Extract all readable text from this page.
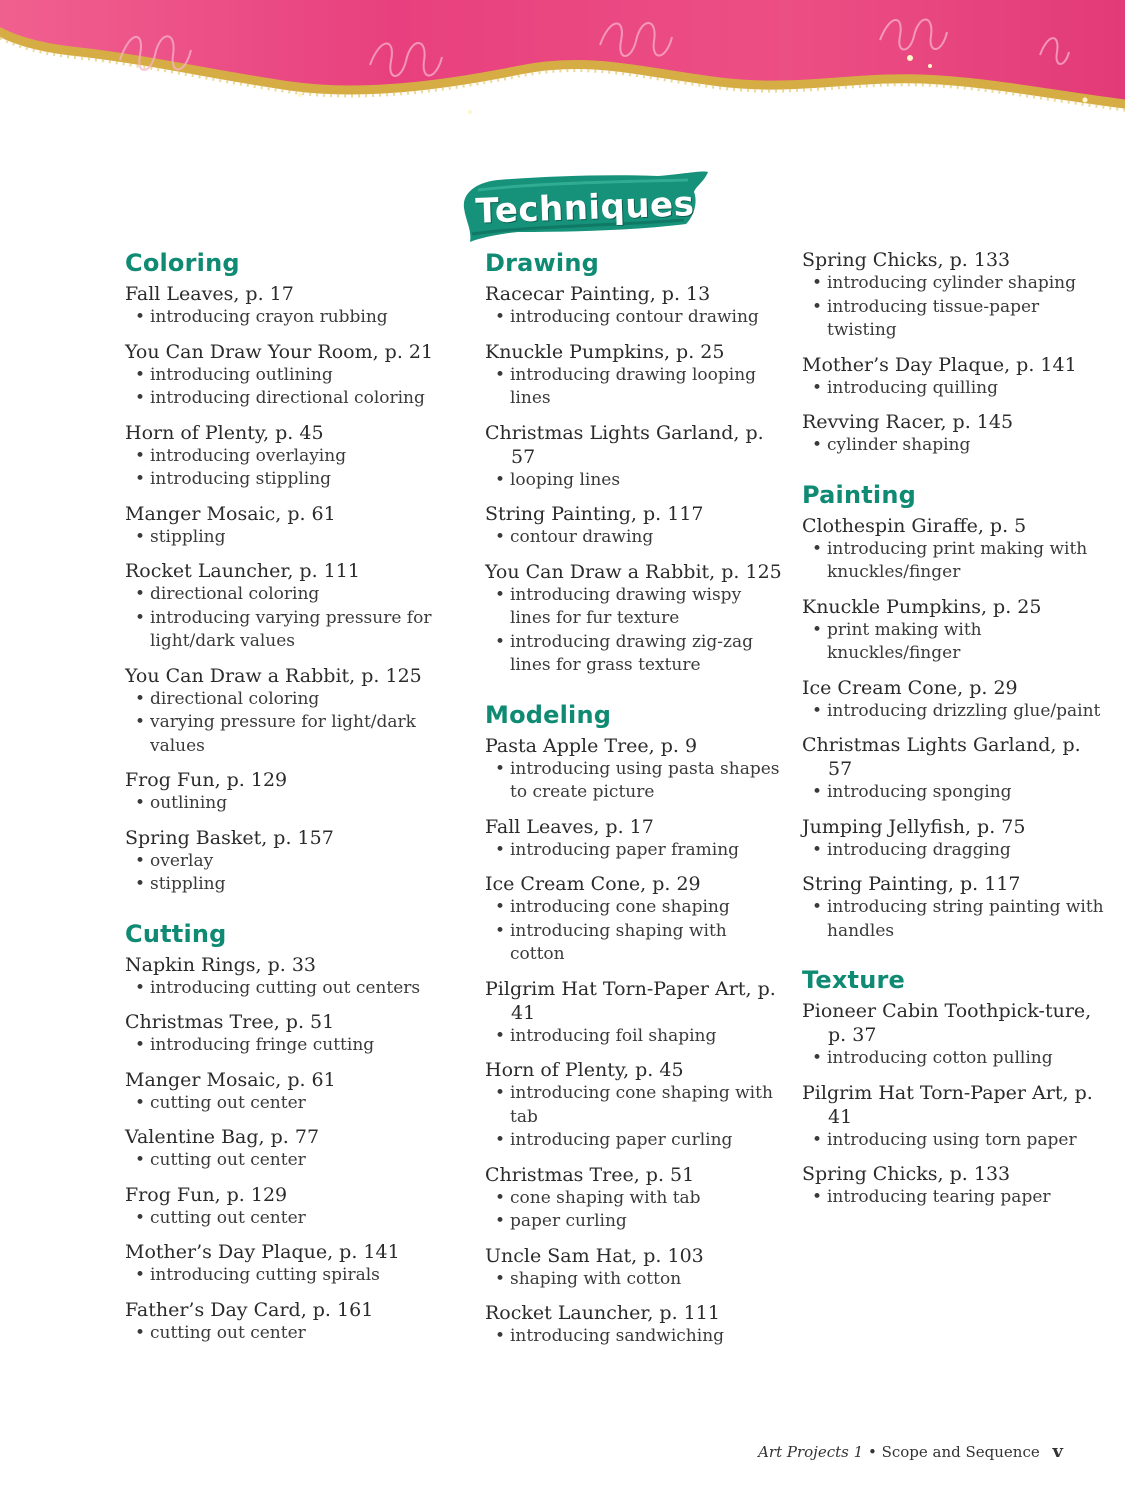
Techniques
Coloring
Fall Leaves, p. 17
• introducing crayon rubbing
You Can Draw Your Room, p. 21
• introducing outlining
• introducing directional coloring
Horn of Plenty, p. 45
• introducing overlaying
• introducing stippling
Manger Mosaic, p. 61
• stippling
Rocket Launcher, p. 111
• directional coloring
• introducing varying pressure for light/dark values
You Can Draw a Rabbit, p. 125
• directional coloring
• varying pressure for light/dark values
Frog Fun, p. 129
• outlining
Spring Basket, p. 157
• overlay
• stippling
Cutting
Napkin Rings, p. 33
• introducing cutting out centers
Christmas Tree, p. 51
• introducing fringe cutting
Manger Mosaic, p. 61
• cutting out center
Valentine Bag, p. 77
• cutting out center
Frog Fun, p. 129
• cutting out center
Mother’s Day Plaque, p. 141
• introducing cutting spirals
Father’s Day Card, p. 161
• cutting out center
Drawing
Racecar Painting, p. 13
• introducing contour drawing
Knuckle Pumpkins, p. 25
• introducing drawing looping lines
Christmas Lights Garland, p. 57
• looping lines
String Painting, p. 117
• contour drawing
You Can Draw a Rabbit, p. 125
• introducing drawing wispy lines for fur texture
• introducing drawing zig-zag lines for grass texture
Modeling
Pasta Apple Tree, p. 9
• introducing using pasta shapes to create picture
Fall Leaves, p. 17
• introducing paper framing
Ice Cream Cone, p. 29
• introducing cone shaping
• introducing shaping with cotton
Pilgrim Hat Torn-Paper Art, p. 41
• introducing foil shaping
Horn of Plenty, p. 45
• introducing cone shaping with tab
• introducing paper curling
Christmas Tree, p. 51
• cone shaping with tab
• paper curling
Uncle Sam Hat, p. 103
• shaping with cotton
Rocket Launcher, p. 111
• introducing sandwiching
Spring Chicks, p. 133
• introducing cylinder shaping
• introducing tissue-paper twisting
Mother’s Day Plaque, p. 141
• introducing quilling
Revving Racer, p. 145
• cylinder shaping
Painting
Clothespin Giraffe, p. 5
• introducing print making with knuckles/finger
Knuckle Pumpkins, p. 25
• print making with knuckles/finger
Ice Cream Cone, p. 29
• introducing drizzling glue/paint
Christmas Lights Garland, p. 57
• introducing sponging
Jumping Jellyfish, p. 75
• introducing dragging
String Painting, p. 117
• introducing string painting with handles
Texture
Pioneer Cabin Toothpick-ture, p. 37
• introducing cotton pulling
Pilgrim Hat Torn-Paper Art, p. 41
• introducing using torn paper
Spring Chicks, p. 133
• introducing tearing paper
Art Projects 1 • Scope and Sequence v
